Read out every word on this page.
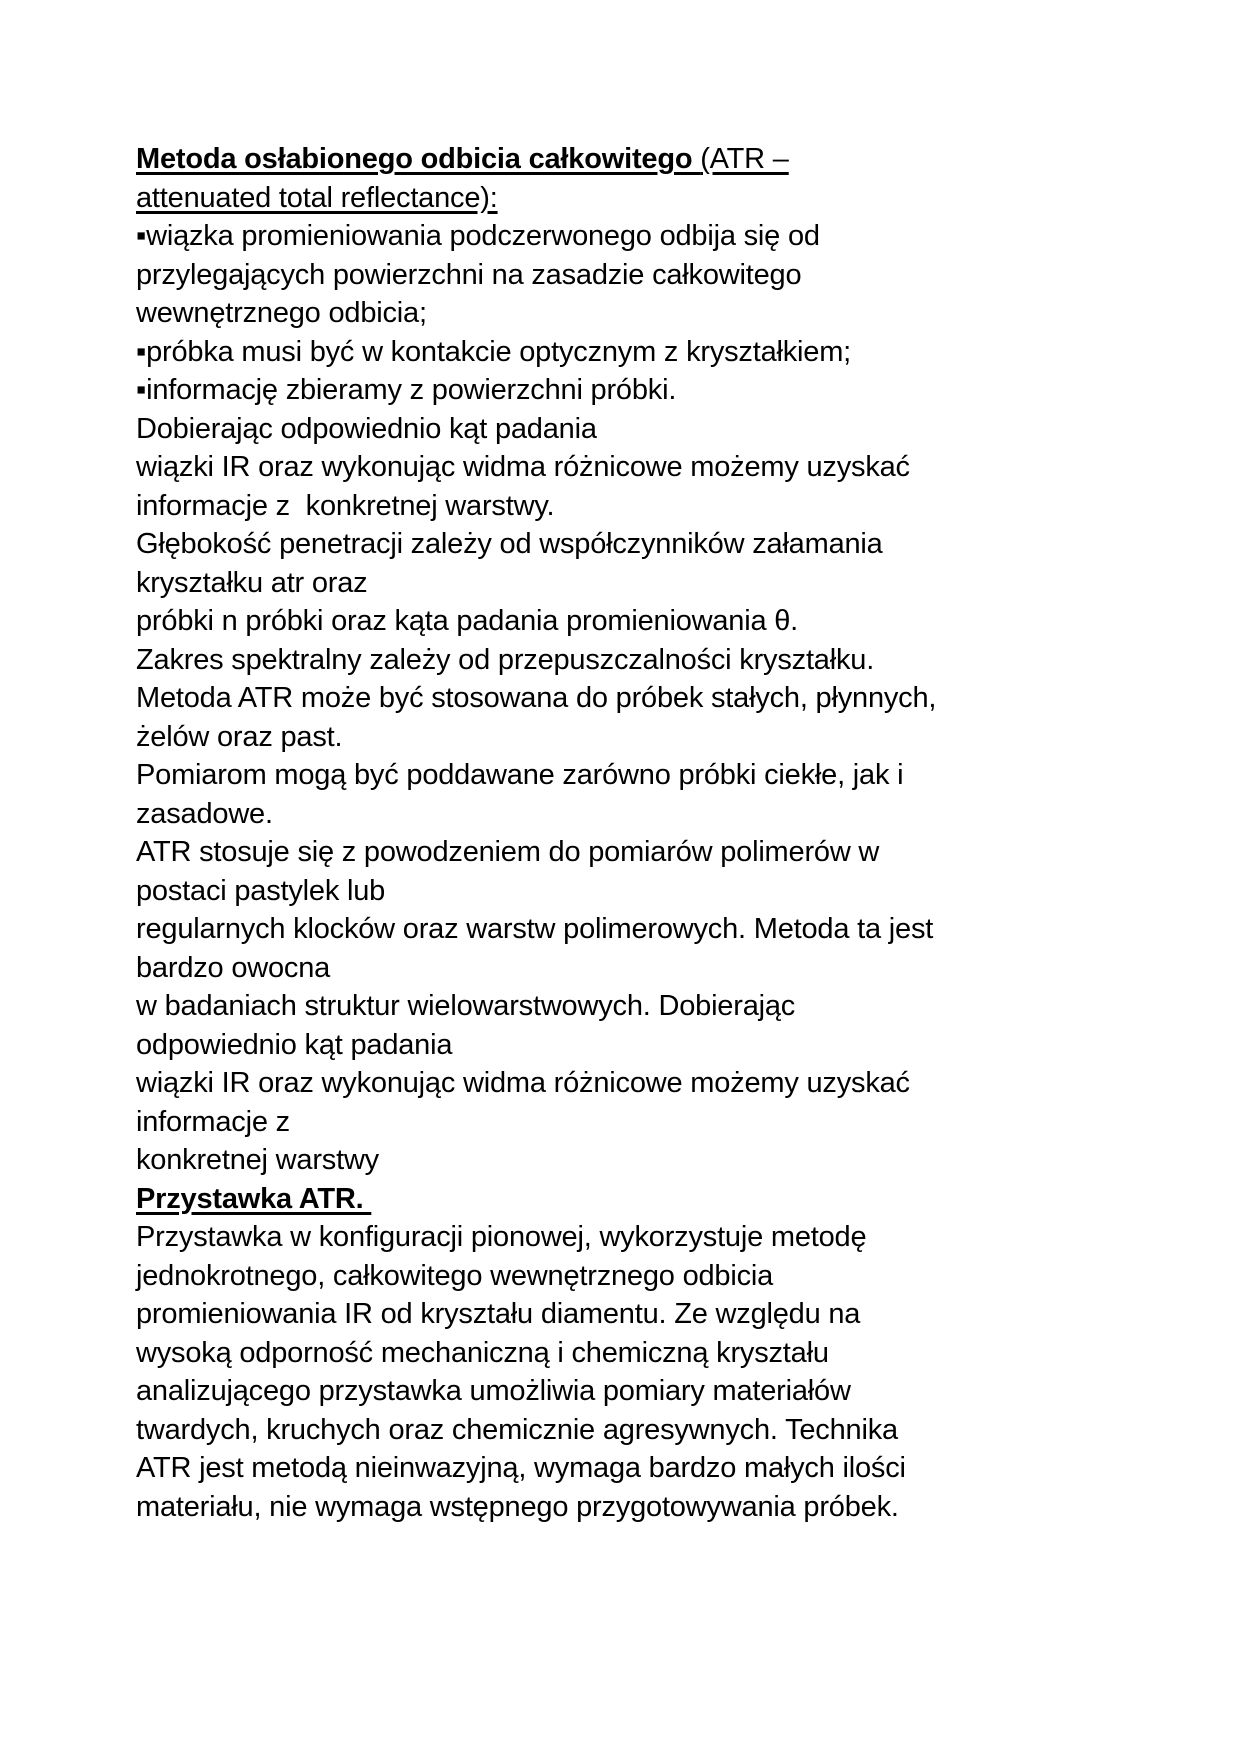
Metoda osłabionego odbicia całkowitego (ATR –
attenuated total reflectance):
▪wiązka promieniowania podczerwonego odbija się od
przylegających powierzchni na zasadzie całkowitego
wewnętrznego odbicia;
▪próbka musi być w kontakcie optycznym z kryształkiem;
▪informację zbieramy z powierzchni próbki.
Dobierając odpowiednio kąt padania
wiązki IR oraz wykonując widma różnicowe możemy uzyskać
informacje z  konkretnej warstwy.
Głębokość penetracji zależy od współczynników załamania
kryształku atr oraz
próbki n próbki oraz kąta padania promieniowania θ.
Zakres spektralny zależy od przepuszczalności kryształku.
Metoda ATR może być stosowana do próbek stałych, płynnych,
żelów oraz past.
Pomiarom mogą być poddawane zarówno próbki ciekłe, jak i
zasadowe.
ATR stosuje się z powodzeniem do pomiarów polimerów w
postaci pastylek lub
regularnych klocków oraz warstw polimerowych. Metoda ta jest
bardzo owocna
w badaniach struktur wielowarstwowych. Dobierając
odpowiednio kąt padania
wiązki IR oraz wykonując widma różnicowe możemy uzyskać
informacje z
konkretnej warstwy
Przystawka ATR.
Przystawka w konfiguracji pionowej, wykorzystuje metodę
jednokrotnego, całkowitego wewnętrznego odbicia
promieniowania IR od kryształu diamentu. Ze względu na
wysoką odporność mechaniczną i chemiczną kryształu
analizującego przystawka umożliwia pomiary materiałów
twardych, kruchych oraz chemicznie agresywnych. Technika
ATR jest metodą nieinwazyjną, wymaga bardzo małych ilości
materiału, nie wymaga wstępnego przygotowywania próbek.
